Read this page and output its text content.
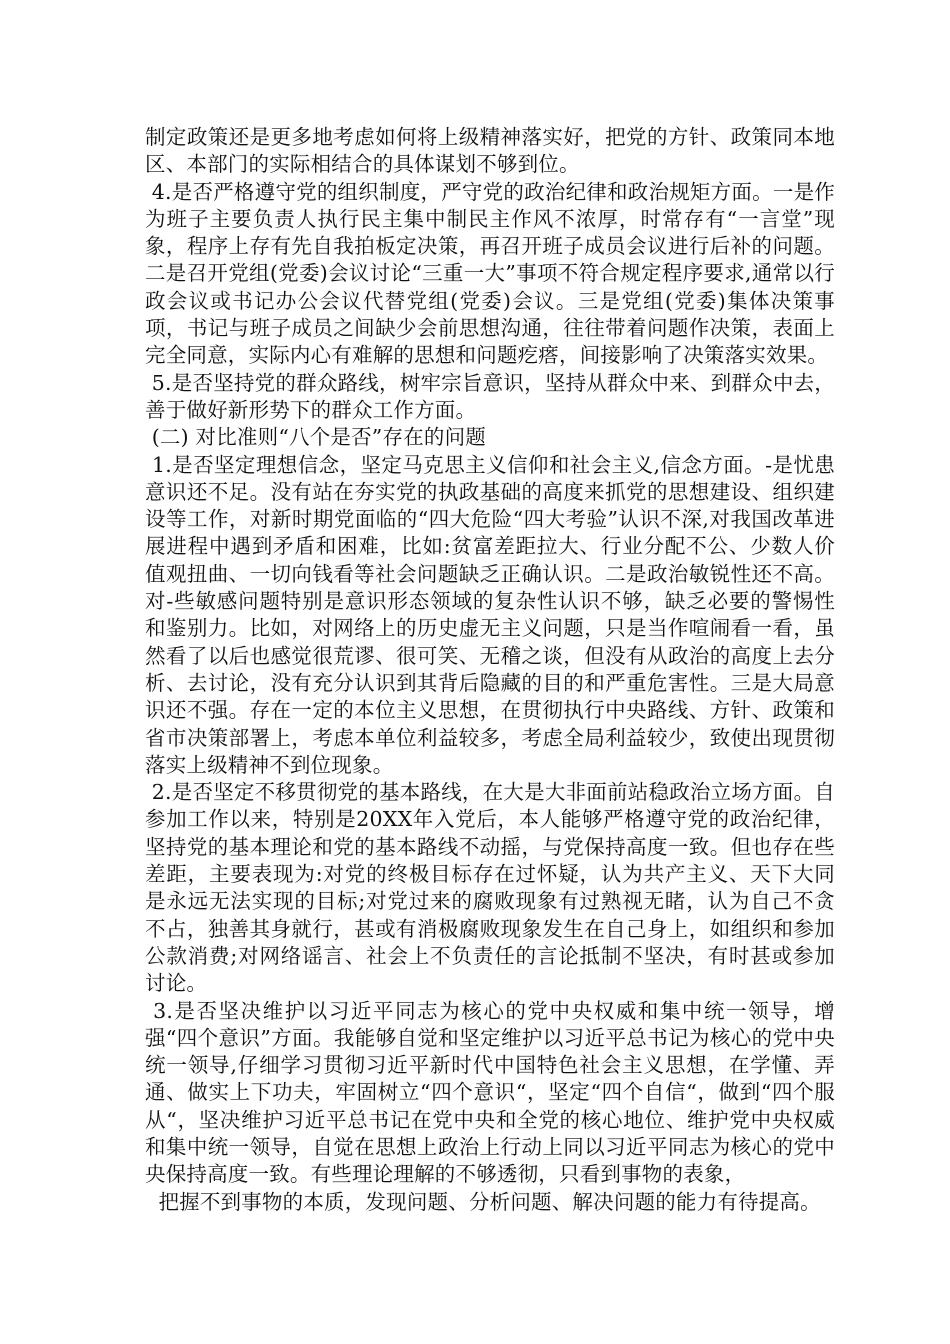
制定政策还是更多地考虑如何将上级精神落实好，把党的方针、政策同本地区、本部门的实际相结合的具体谋划不够到位。

4.是否严格遵守党的组织制度，严守党的政治纪律和政治规矩方面。一是作为班子主要负责人执行民主集中制民主作风不浓厚，时常存有“一言堂”现象，程序上存有先自我拍板定决策，再召开班子成员会议进行后补的问题。二是召开党组(党委)会议讨论“三重一大”事项不符合规定程序要求,通常以行政会议或书记办公会议代替党组(党委)会议。三是党组(党委)集体决策事项，书记与班子成员之间缺少会前思想沟通，往往带着问题作决策，表面上完全同意，实际内心有难解的思想和问题疙瘩，间接影响了决策落实效果。

5.是否坚持党的群众路线，树牢宗旨意识，坚持从群众中来、到群众中去，善于做好新形势下的群众工作方面。

(二) 对比准则“八个是否”存在的问题

1.是否坚定理想信念，坚定马克思主义信仰和社会主义,信念方面。-是忧患意识还不足。没有站在夯实党的执政基础的高度来抓党的思想建设、组织建设等工作，对新时期党面临的“四大危险“四大考验”认识不深,对我国改革进展进程中遇到矛盾和困难，比如:贫富差距拉大、行业分配不公、少数人价值观扭曲、一切向钱看等社会问题缺乏正确认识。二是政治敏锐性还不高。对-些敏感问题特别是意识形态领域的复杂性认识不够，缺乏必要的警惕性和鉴别力。比如，对网络上的历史虚无主义问题，只是当作喧闹看一看，虽然看了以后也感觉很荒谬、很可笑、无稽之谈，但没有从政治的高度上去分析、去讨论，没有充分认识到其背后隐藏的目的和严重危害性。三是大局意识还不强。存在一定的本位主义思想，在贯彻执行中央路线、方针、政策和省市决策部署上，考虑本单位利益较多，考虑全局利益较少，致使出现贯彻落实上级精神不到位现象。

2.是否坚定不移贯彻党的基本路线，在大是大非面前站稳政治立场方面。自参加工作以来，特别是20XX年入党后，本人能够严格遵守党的政治纪律，坚持党的基本理论和党的基本路线不动摇，与党保持高度一致。但也存在些差距，主要表现为:对党的终极目标存在过怀疑，认为共产主义、天下大同是永远无法实现的目标;对党过来的腐败现象有过熟视无睹，认为自己不贪不占，独善其身就行，甚或有消极腐败现象发生在自己身上，如组织和参加公款消费;对网络谣言、社会上不负责任的言论抵制不坚决，有时甚或参加讨论。

3.是否坚决维护以习近平同志为核心的党中央权威和集中统一领导，增强“四个意识”方面。我能够自觉和坚定维护以习近平总书记为核心的党中央统一领导,仔细学习贯彻习近平新时代中国特色社会主义思想，在学懂、弄通、做实上下功夫，牢固树立“四个意识“，坚定“四个自信“，做到“四个服从“，坚决维护习近平总书记在党中央和全党的核心地位、维护党中央权威和集中统一领导，自觉在思想上政治上行动上同以习近平同志为核心的党中央保持高度一致。有些理论理解的不够透彻，只看到事物的表象，

把握不到事物的本质，发现问题、分析问题、解决问题的能力有待提高。
